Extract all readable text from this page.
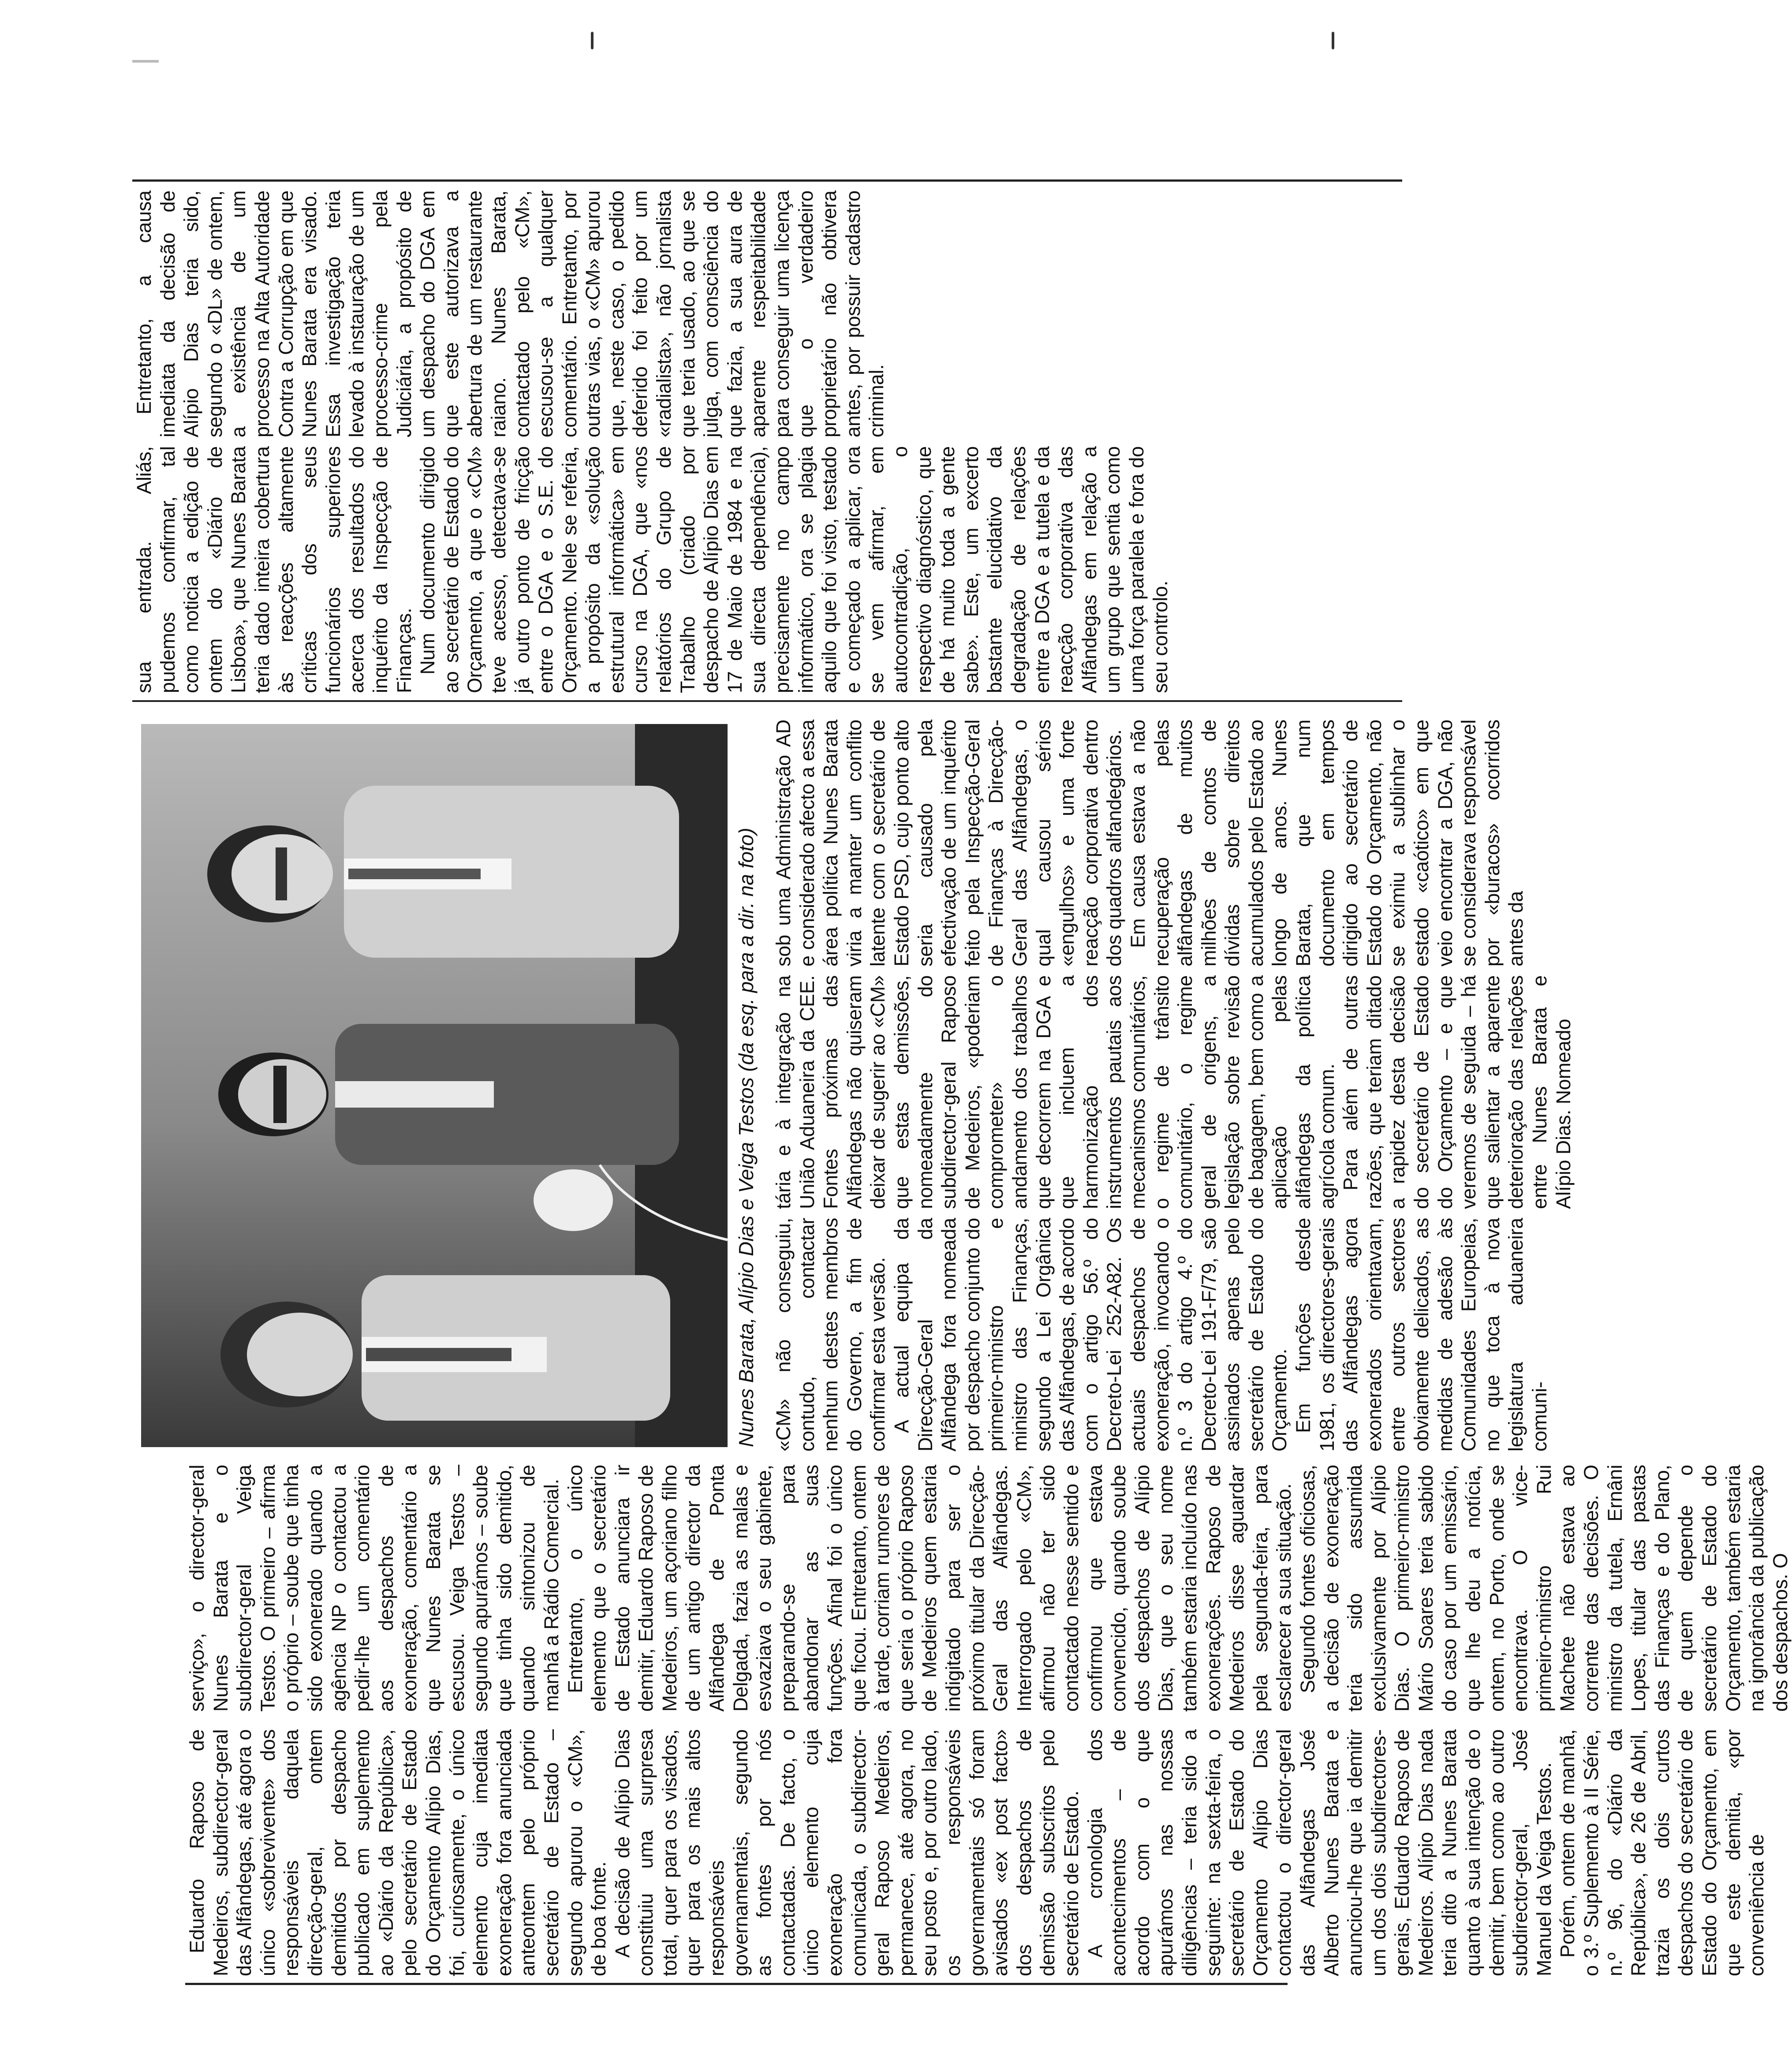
Eduardo Raposo de Medeiros, subdirector-geral das Alfândegas, até agora o único «sobrevivente» dos responsáveis daquela direcção-geral, ontem demitidos por despacho publicado em suplemento ao «Diário da República», pelo secretário de Estado do Orçamento Alípio Dias, foi, curiosamente, o único elemento cuja imediata exoneração fora anunciada anteontem pelo próprio secretário de Estado – segundo apurou o «CM», de boa fonte. A decisão de Alípio Dias constituiu uma surpresa total, quer para os visados, quer para os mais altos responsáveis governamentais, segundo as fontes por nós contactadas. De facto, o único elemento cuja exoneração fora comunicada, o subdirector-geral Raposo Medeiros, permanece, até agora, no seu posto e, por outro lado, os responsáveis governamentais só foram avisados «ex post facto» dos despachos de demissão subscritos pelo secretário de Estado. A cronologia dos acontecimentos – de acordo com o que apurámos nas nossas diligências – teria sido a seguinte: na sexta-feira, o secretário de Estado do Orçamento Alípio Dias contactou o director-geral das Alfândegas José Alberto Nunes Barata e anunciou-lhe que ia demitir um dos dois subdirectores-gerais, Eduardo Raposo de Medeiros. Alípio Dias nada teria dito a Nunes Barata quanto à sua intenção de o demitir, bem como ao outro subdirector-geral, José Manuel da Veiga Testos. Porém, ontem de manhã, o 3.º Suplemento à II Série, n.º 96, do «Diário da República», de 26 de Abril, trazia os dois curtos despachos do secretário de Estado do Orçamento, em que este demitia, «por conveniência de

serviço», o director-geral Nunes Barata e o subdirector-geral Veiga Testos. O primeiro – afirma o próprio – soube que tinha sido exonerado quando a agência NP o contactou a pedir-lhe um comentário aos despachos de exoneração, comentário a que Nunes Barata se escusou. Veiga Testos – segundo apurámos – soube que tinha sido demitido, quando sintonizou de manhã a Rádio Comercial. Entretanto, o único elemento que o secretário de Estado anunciara ir demitir, Eduardo Raposo de Medeiros, um açoriano filho de um antigo director da Alfândega de Ponta Delgada, fazia as malas e esvaziava o seu gabinete, preparando-se para abandonar as suas funções. Afinal foi o único que ficou. Entretanto, ontem à tarde, corriam rumores de que seria o próprio Raposo de Medeiros quem estaria indigitado para ser o próximo titular da Direcção-Geral das Alfândegas. Interrogado pelo «CM», afirmou não ter sido contactado nesse sentido e confirmou que estava convencido, quando soube dos despachos de Alípio Dias, que o seu nome também estaria incluído nas exonerações. Raposo de Medeiros disse aguardar pela segunda-feira, para esclarecer a sua situação. Segundo fontes oficiosas, a decisão de exoneração teria sido assumida exclusivamente por Alípio Dias. O primeiro-ministro Mário Soares teria sabido do caso por um emissário, que lhe deu a notícia, ontem, no Porto, onde se encontrava. O vice-primeiro-ministro Rui Machete não estava ao corrente das decisões. O ministro da tutela, Ernâni Lopes, titular das pastas das Finanças e do Plano, de quem depende o secretário de Estado do Orçamento, também estaria na ignorância da publicação dos despachos. O

Nunes Barata, Alípio Dias e Veiga Testos (da esq. para a dir. na foto) «CM» não conseguiu, contudo, contactar nenhum destes membros do Governo, a fim de confirmar esta versão. A actual equipa da Direcção-Geral da Alfândega fora nomeada por despacho conjunto do primeiro-ministro e ministro das Finanças, segundo a Lei Orgânica das Alfândegas, de acordo com o artigo 56.º do Decreto-Lei 252-A82. Os actuais despachos de exoneração, invocando o n.º 3 do artigo 4.º do Decreto-Lei 191-F/79, são assinados apenas pelo secretário de Estado do Orçamento. Em funções desde 1981, os directores-gerais das Alfândegas agora exonerados orientavam, entre outros sectores obviamente delicados, as medidas de adesão às Comunidades Europeias, no que toca à nova legislatura aduaneira comuni-

tária e à integração na União Aduaneira da CEE. Fontes próximas das Alfândegas não quiseram deixar de sugerir ao «CM» que estas demissões, nomeadamente do subdirector-geral Raposo de Medeiros, «poderiam comprometer» o andamento dos trabalhos que decorrem na DGA e que incluem a harmonização dos instrumentos pautais aos mecanismos comunitários, o regime de trânsito comunitário, o regime geral de origens, a legislação sobre revisão de bagagem, bem como a aplicação pelas alfândegas da política agrícola comum. Para além de outras razões, que teriam ditado a rapidez desta decisão do secretário de Estado do Orçamento – e que veremos de seguida – há que salientar a aparente deterioração das relações entre Nunes Barata e Alípio Dias. Nomeado

sob uma Administração AD e considerado afecto a essa área política Nunes Barata viria a manter um conflito latente com o secretário de Estado PSD, cujo ponto alto seria causado pela efectivação de um inquérito feito pela Inspecção-Geral de Finanças à Direcção-Geral das Alfândegas, o qual causou sérios «engulhos» e uma forte reacção corporativa dentro dos quadros alfandegários. Em causa estava a não recuperação pelas alfândegas de muitos milhões de contos de dívidas sobre direitos acumulados pelo Estado ao longo de anos. Nunes Barata, que num documento em tempos dirigido ao secretário de Estado do Orçamento, não se eximiu a sublinhar o estado «caótico» em que veio encontrar a DGA, não se considerava responsável por «buracos» ocorridos antes da

sua entrada. Aliás, pudemos confirmar, tal como noticia a edição de ontem do «Diário de Lisboa», que Nunes Barata teria dado inteira cobertura às reacções altamente críticas dos seus funcionários superiores acerca dos resultados do inquérito da Inspecção de Finanças. Num documento dirigido ao secretário de Estado do Orçamento, a que o «CM» teve acesso, detectava-se já outro ponto de fricção entre o DGA e o S.E. do Orçamento. Nele se referia, a propósito da «solução estrutural informática» em curso na DGA, que «nos relatórios do Grupo de Trabalho (criado por despacho de Alípio Dias em 17 de Maio de 1984 e na sua directa dependência), precisamente no campo informático, ora se plagia aquilo que foi visto, testado e começado a aplicar, ora se vem afirmar, em autocontradição, o respectivo diagnóstico, que de há muito toda a gente sabe». Este, um excerto bastante elucidativo da degradação de relações entre a DGA e a tutela e da reacção corporativa das Alfândegas em relação a um grupo que sentia como uma força paralela e fora do seu controlo.

Entretanto, a causa imediata da decisão de Alípio Dias teria sido, segundo o «DL» de ontem, a existência de um processo na Alta Autoridade Contra a Corrupção em que Nunes Barata era visado. Essa investigação teria levado à instauração de um processo-crime pela Judiciária, a propósito de um despacho do DGA em que este autorizava a abertura de um restaurante raiano. Nunes Barata, contactado pelo «CM», escusou-se a qualquer comentário. Entretanto, por outras vias, o «CM» apurou que, neste caso, o pedido deferido foi feito por um «radialista», não jornalista que teria usado, ao que se julga, com consciência do que fazia, a sua aura de aparente respeitabilidade para conseguir uma licença que o verdadeiro proprietário não obtivera antes, por possuir cadastro criminal.
